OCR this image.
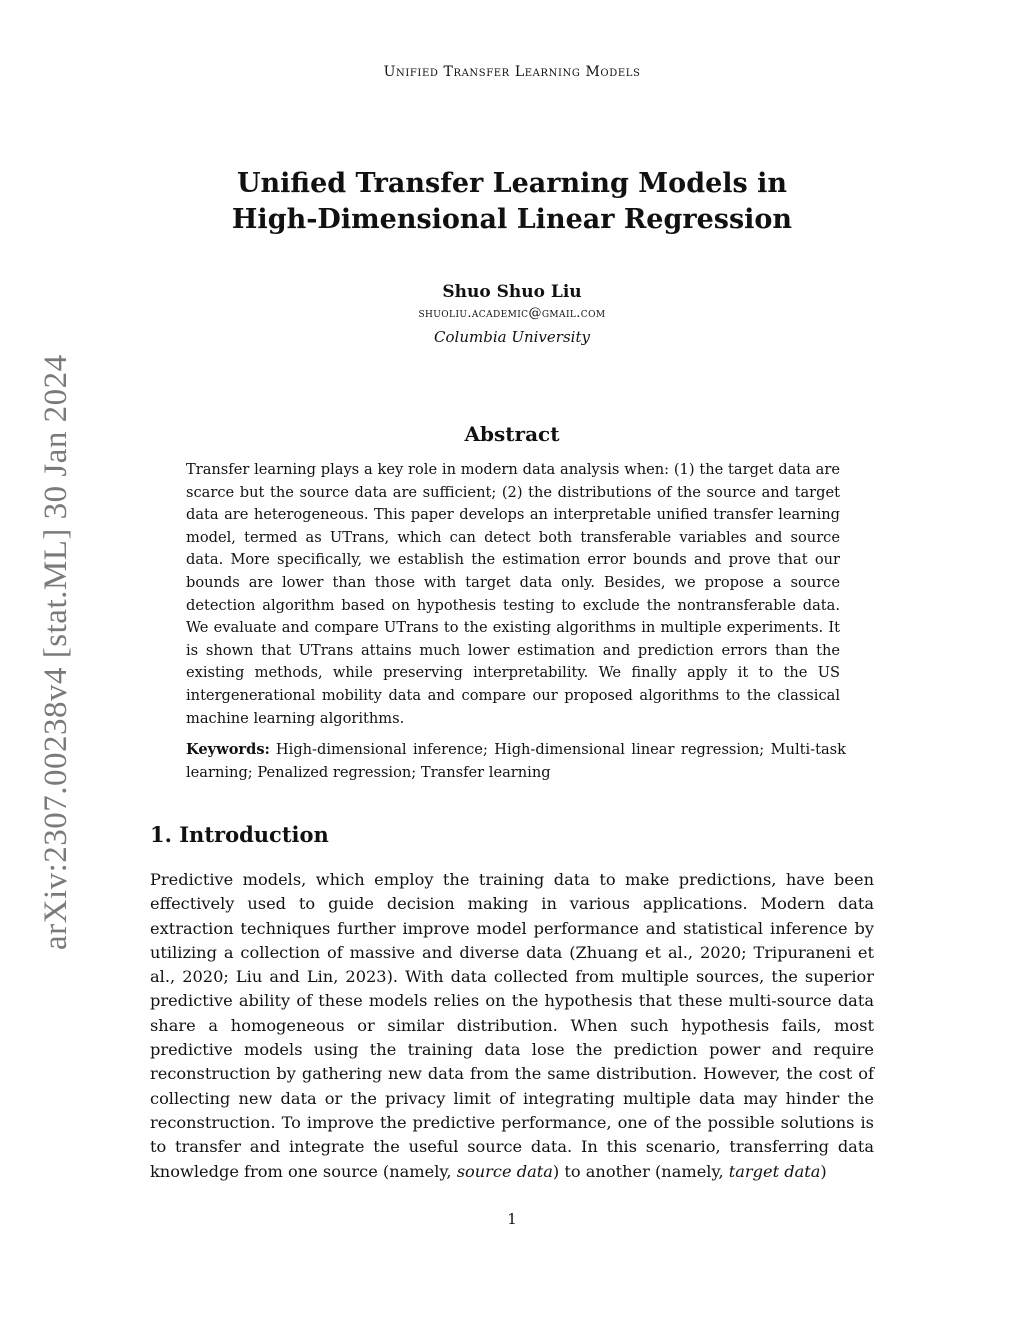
Unified Transfer Learning Models
Unified Transfer Learning Models in
High-Dimensional Linear Regression
Shuo Shuo Liu
shuoliu.academic@gmail.com
Columbia University
Abstract
Transfer learning plays a key role in modern data analysis when: (1) the target data are scarce but the source data are sufficient; (2) the distributions of the source and target data are heterogeneous. This paper develops an interpretable unified transfer learning model, termed as UTrans, which can detect both transferable variables and source data. More specifically, we establish the estimation error bounds and prove that our bounds are lower than those with target data only. Besides, we propose a source detection algorithm based on hypothesis testing to exclude the nontransferable data. We evaluate and compare UTrans to the existing algorithms in multiple experiments. It is shown that UTrans attains much lower estimation and prediction errors than the existing methods, while preserving interpretability. We finally apply it to the US intergenerational mobility data and compare our proposed algorithms to the classical machine learning algorithms.
Keywords: High-dimensional inference; High-dimensional linear regression; Multi-task learning; Penalized regression; Transfer learning
1. Introduction

Predictive models, which employ the training data to make predictions, have been effectively used to guide decision making in various applications. Modern data extraction techniques further improve model performance and statistical inference by utilizing a collection of massive and diverse data (Zhuang et al., 2020; Tripuraneni et al., 2020; Liu and Lin, 2023). With data collected from multiple sources, the superior predictive ability of these models relies on the hypothesis that these multi-source data share a homogeneous or similar distribution. When such hypothesis fails, most predictive models using the training data lose the prediction power and require reconstruction by gathering new data from the same distribution. However, the cost of collecting new data or the privacy limit of integrating multiple data may hinder the reconstruction. To improve the predictive performance, one of the possible solutions is to transfer and integrate the useful source data. In this scenario, transferring data knowledge from one source (namely, source data) to another (namely, target data)

1
arXiv:2307.00238v4 [stat.ML] 30 Jan 2024
